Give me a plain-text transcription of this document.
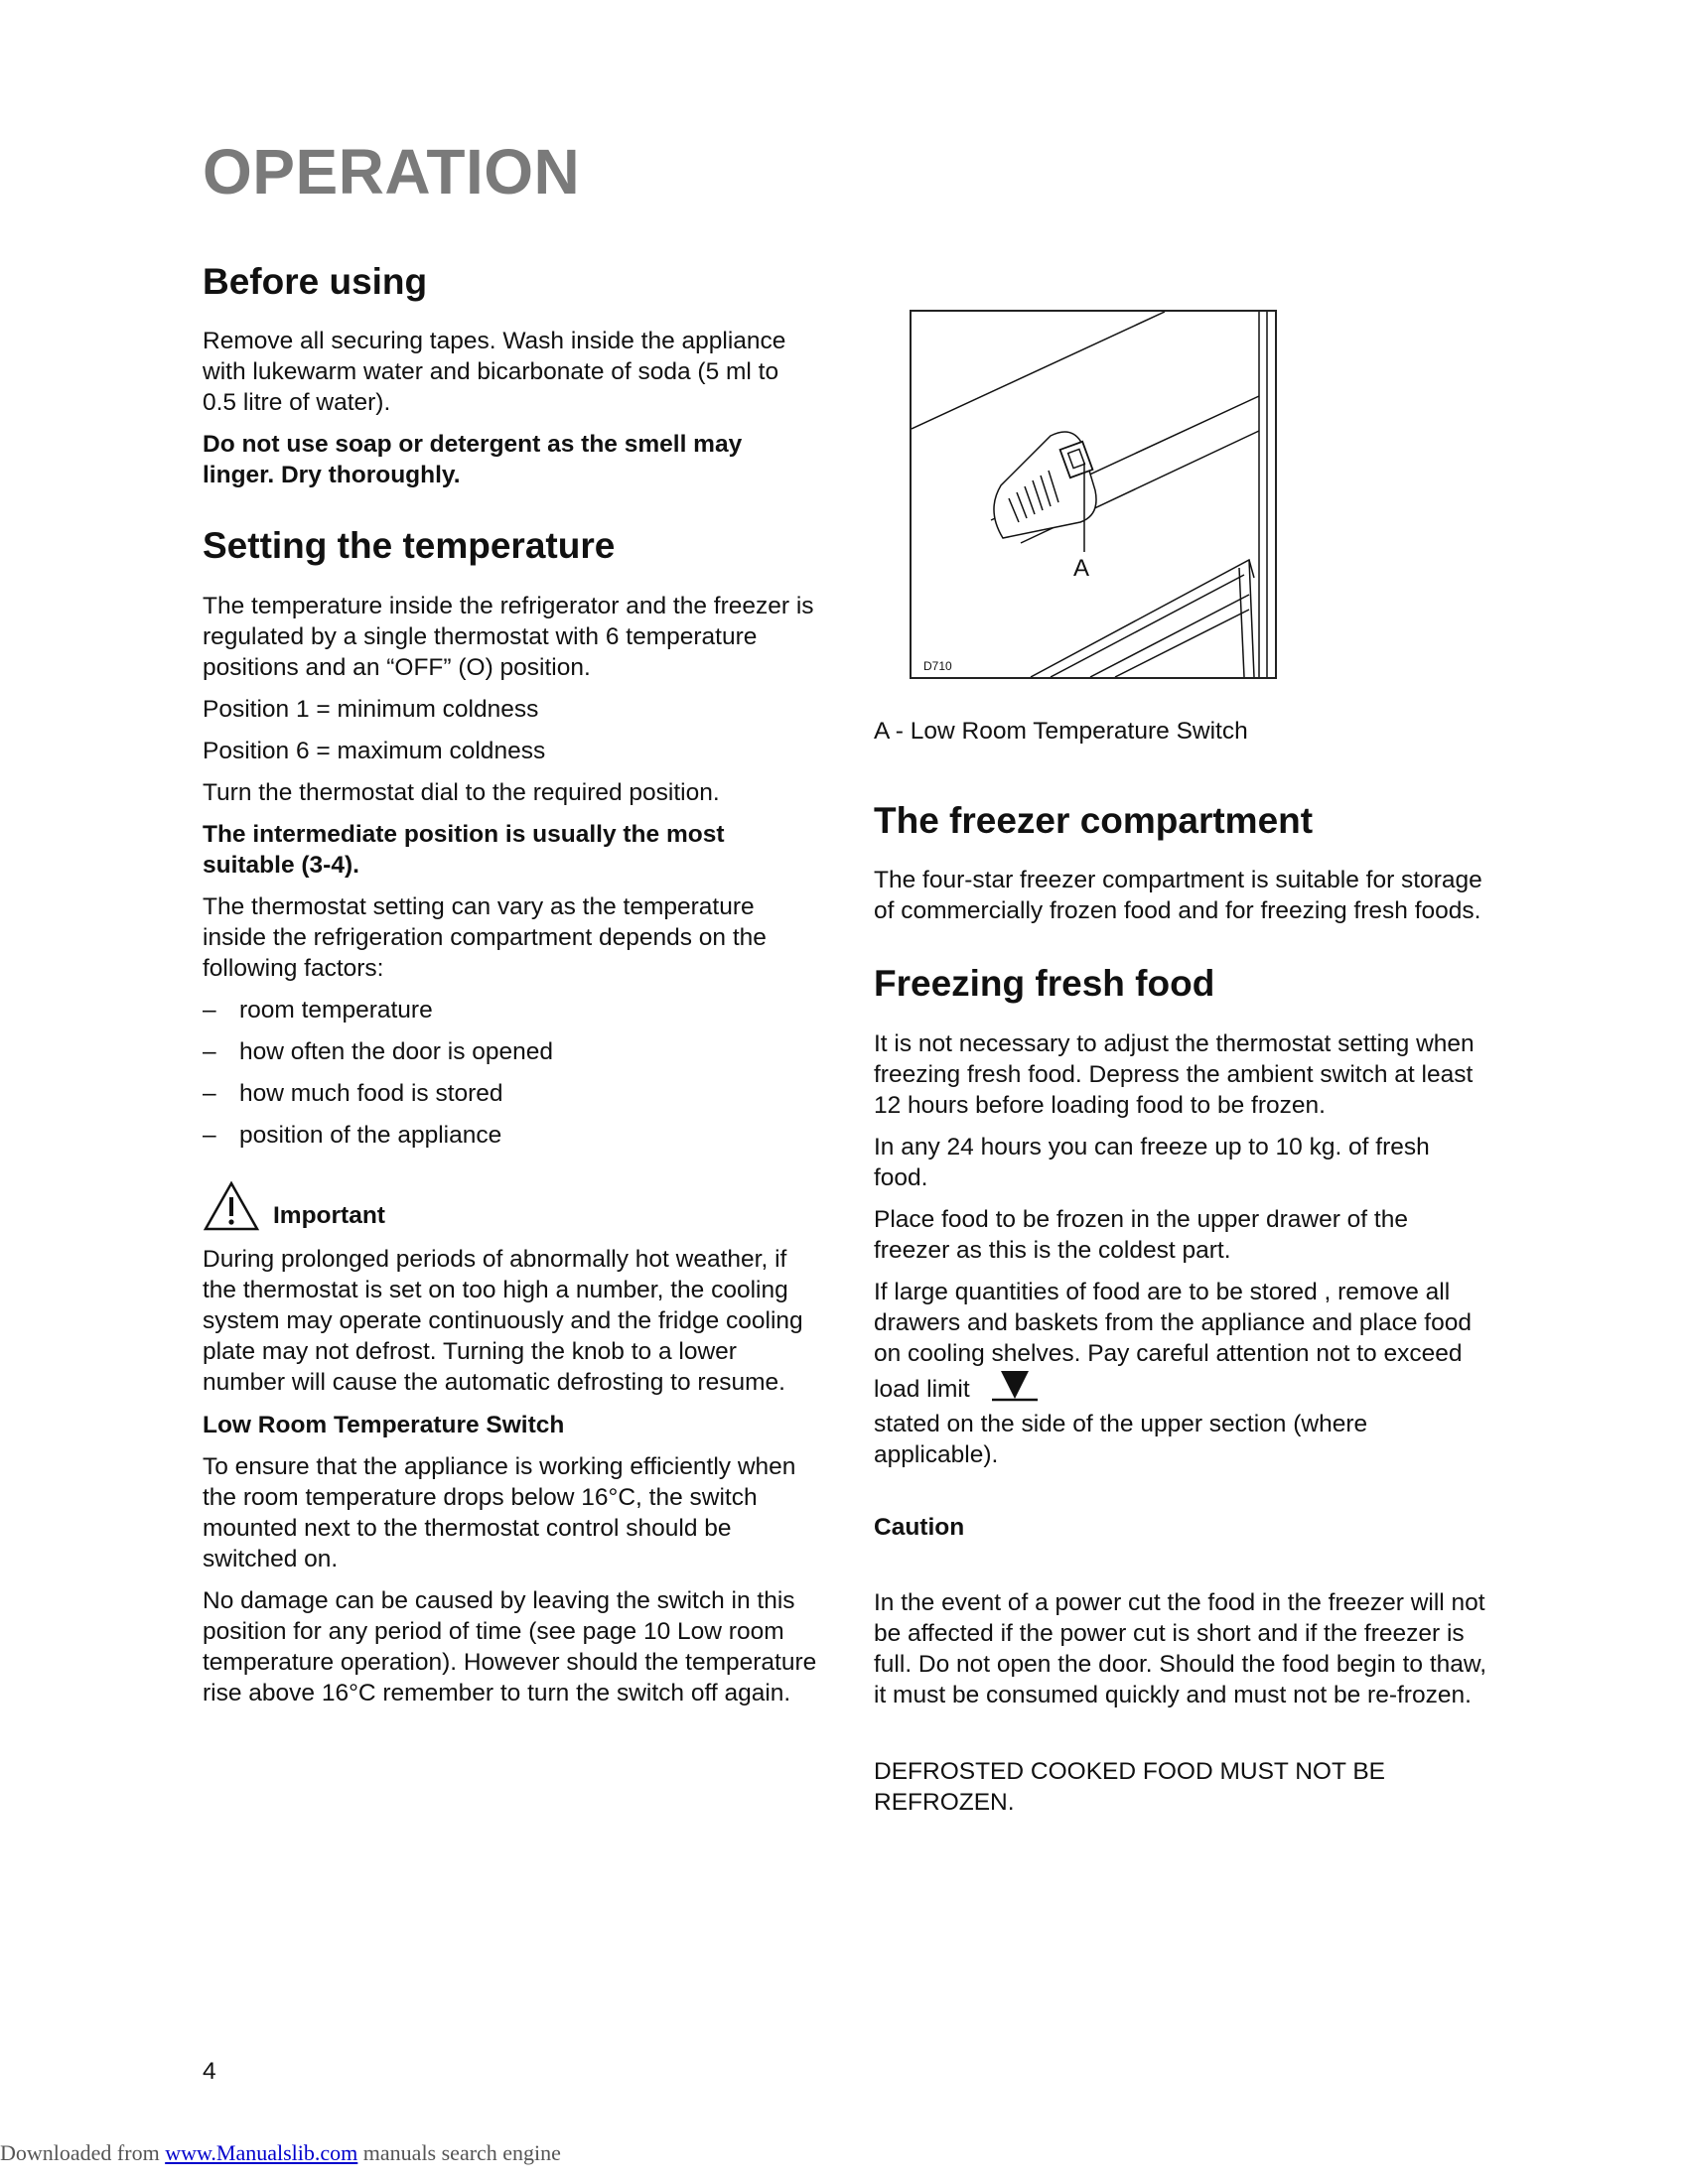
OPERATION
Before using

Remove all securing tapes. Wash inside the appliance with lukewarm water and bicarbonate of soda (5 ml to 0.5 litre of water).

Do not use soap or detergent as the smell may linger. Dry thoroughly.

Setting the temperature

The temperature inside the refrigerator and the freezer is regulated by a single thermostat with 6 temperature positions and an “OFF” (O) position.

Position 1 = minimum coldness

Position 6 = maximum coldness

Turn the thermostat dial to the required position.

The intermediate position is usually the most suitable (3-4).

The thermostat setting can vary as the temperature inside the refrigeration compartment depends on the following factors:

– room temperature
– how often the door is opened
– how much food is stored
– position of the appliance
Important

During prolonged periods of abnormally hot weather, if the thermostat is set on too high a number, the cooling system may operate continuously and the fridge cooling plate may not defrost. Turning the knob to a lower number will cause the automatic defrosting to resume.

Low Room Temperature Switch

To ensure that the appliance is working efficiently when the room temperature drops below 16°C, the switch mounted next to the thermostat control should be switched on.

No damage can be caused by leaving the switch in this position for any period of time (see page 10 Low room temperature operation). However should the temperature rise above 16°C remember to turn the switch off again.

A
D710
A - Low Room Temperature Switch
The freezer compartment

The four-star freezer compartment is suitable for storage of commercially frozen food and for freezing fresh foods.

Freezing fresh food

It is not necessary to adjust the thermostat setting when freezing fresh food. Depress the ambient switch at least 12 hours before loading food to be frozen.

In any 24 hours you can freeze up to 10 kg. of fresh food.

Place food to be frozen in the upper drawer of the freezer as this is the coldest part.

If large quantities of food are to be stored , remove all drawers and baskets from the appliance and place food on cooling shelves. Pay careful attention not to exceed load limit

stated on the side of the upper section (where applicable).

Caution

In the event of a power cut the food in the freezer will not be affected if the power cut is short and if the freezer is full. Do not open the door. Should the food begin to thaw, it must be consumed quickly and must not be re-frozen.

DEFROSTED COOKED FOOD MUST NOT BE REFROZEN.

4
Downloaded from www.Manualslib.com manuals search engine
